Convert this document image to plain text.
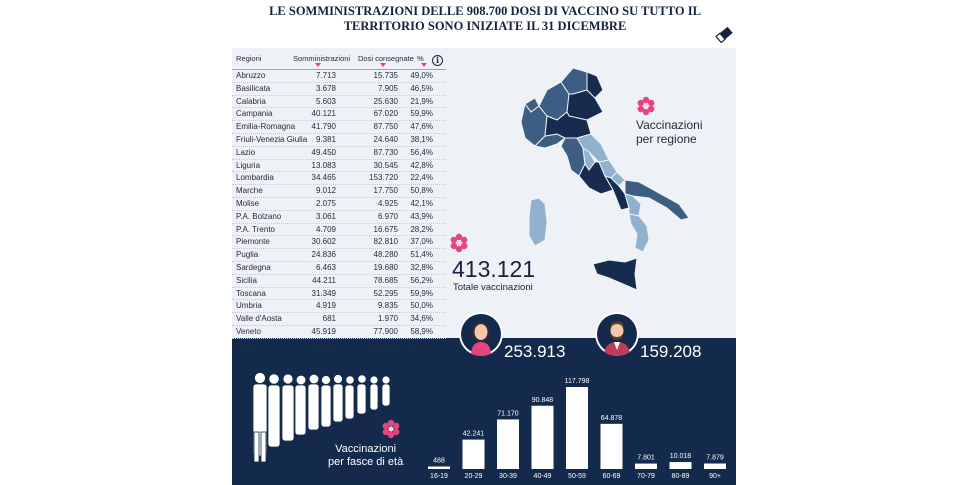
LE SOMMINISTRAZIONI DELLE 908.700 DOSI DI VACCINO SU TUTTO IL
TERRITORIO SONO INIZIATE IL 31 DICEMBRE
Regioni	Somministrazioni Dosi consegnate %	i
Abruzzo	7.713	15.735 49,0%
Basilicata	3.678	7.905 46,5%
Calabria	5.603	25.630 21,9%
Campania	40.121	67.020 59,9%
Emilia-Romagna 41.790	87.750 47,6%
Friuli-Venezia Giulia 9.381	24.640 38,1%
Lazio	49.450	87.730 56,4%
Liguria	13.083	30.545 42,8%
Lombardia	34.465	153.720 22,4%
Marche	9.012	17.750 50,8%
Molise	2.075	4.925 42,1%
P.A. Bolzano	3.061	6.970 43,9%
P.A. Trento	4.709	16.675 28,2%
Piemonte	30.602	82.810 37,0%
Puglia	24.836	48.280 51,4%
Sardegna	6.463	19.680 32,8%
Sicilia	44.211	78.685 56,2%
Toscana	31.349	52.295 59,9%
Umbria	4.919	9.835 50,0%
Valle d'Aosta	681	1.970 34,6%
Veneto	45.919	77.900 58,9%
Totale	413.121	918.450 45,0%
Vaccinazioni
per regione
413.121
Totale vaccinazioni
253.913	159.208
Vaccinazioni
per fasce di età	488
16-19
42.241
20-29
71.170
30-39
90.848
40-49
117.798
50-59
64.878
60-69
7.801
70-79
10.018
80-89
7.879
90+
